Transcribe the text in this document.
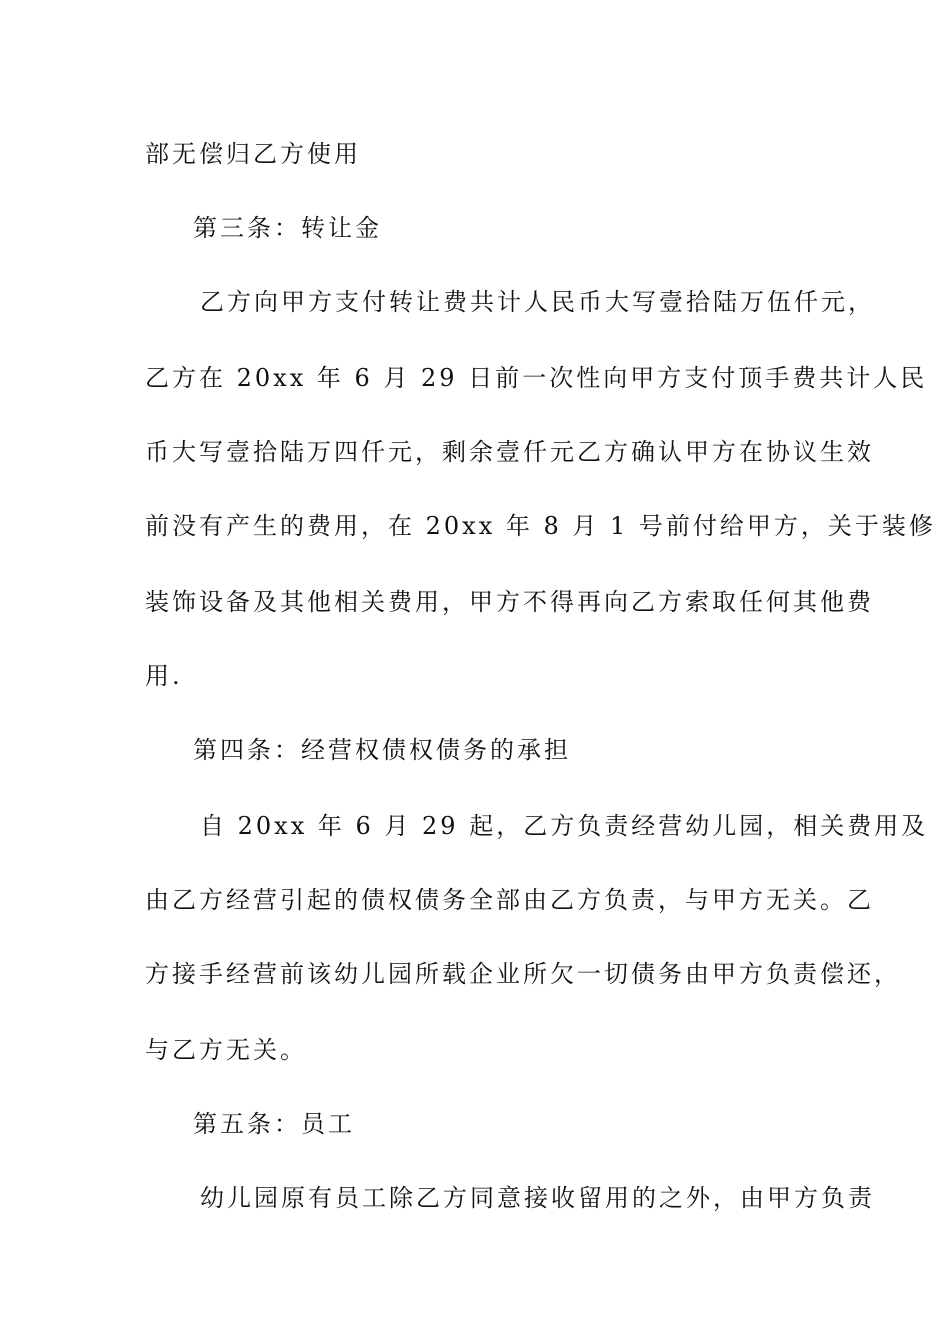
部无偿归乙方使用
第三条：转让金
乙方向甲方支付转让费共计人民币大写壹拾陆万伍仟元，
乙方在 20xx 年 6 月 29 日前一次性向甲方支付顶手费共计人民
币大写壹拾陆万四仟元，剩余壹仟元乙方确认甲方在协议生效
前没有产生的费用，在 20xx 年 8 月 1 号前付给甲方，关于装修
装饰设备及其他相关费用，甲方不得再向乙方索取任何其他费
用.
第四条：经营权债权债务的承担
自 20xx 年 6 月 29 起，乙方负责经营幼儿园，相关费用及
由乙方经营引起的债权债务全部由乙方负责，与甲方无关。乙
方接手经营前该幼儿园所载企业所欠一切债务由甲方负责偿还，
与乙方无关。
第五条：员工
幼儿园原有员工除乙方同意接收留用的之外，由甲方负责
